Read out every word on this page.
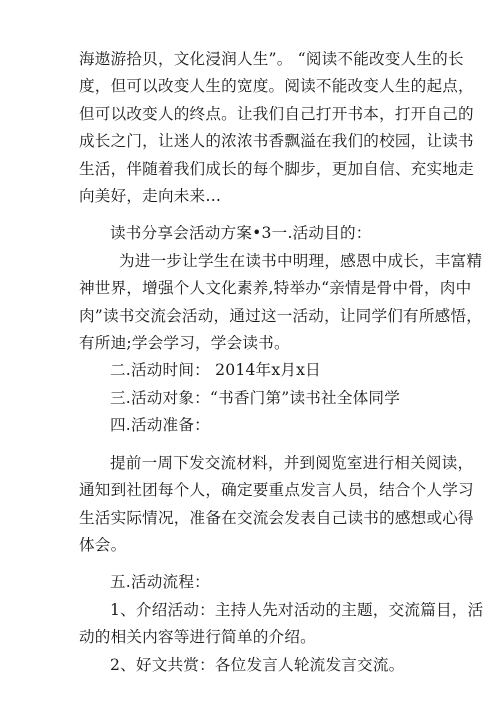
海遨游拾贝，文化浸润人生”。 “阅读不能改变人生的长
度，但可以改变人生的宽度。阅读不能改变人生的起点，
但可以改变人的终点。让我们自己打开书本，打开自己的
成长之门，让迷人的浓浓书香飘溢在我们的校园，让读书
生活，伴随着我们成长的每个脚步，更加自信、充实地走
向美好，走向未来…
读书分享会活动方案•3一.活动目的：
为进一步让学生在读书中明理，感恩中成长，丰富精
神世界，增强个人文化素养,特举办“亲情是骨中骨，肉中
肉”读书交流会活动，通过这一活动，让同学们有所感悟，
有所迪;学会学习，学会读书。
二.活动时间： 2014年x月x日
三.活动对象：“书香门第”读书社全体同学
四.活动准备：
提前一周下发交流材料，并到阅览室进行相关阅读，
通知到社团每个人，确定要重点发言人员，结合个人学习
生活实际情况，准备在交流会发表自己读书的感想或心得
体会。
五.活动流程：
1、介绍活动：主持人先对活动的主题，交流篇目，活
动的相关内容等进行简单的介绍。
2、好文共赏：各位发言人轮流发言交流。
